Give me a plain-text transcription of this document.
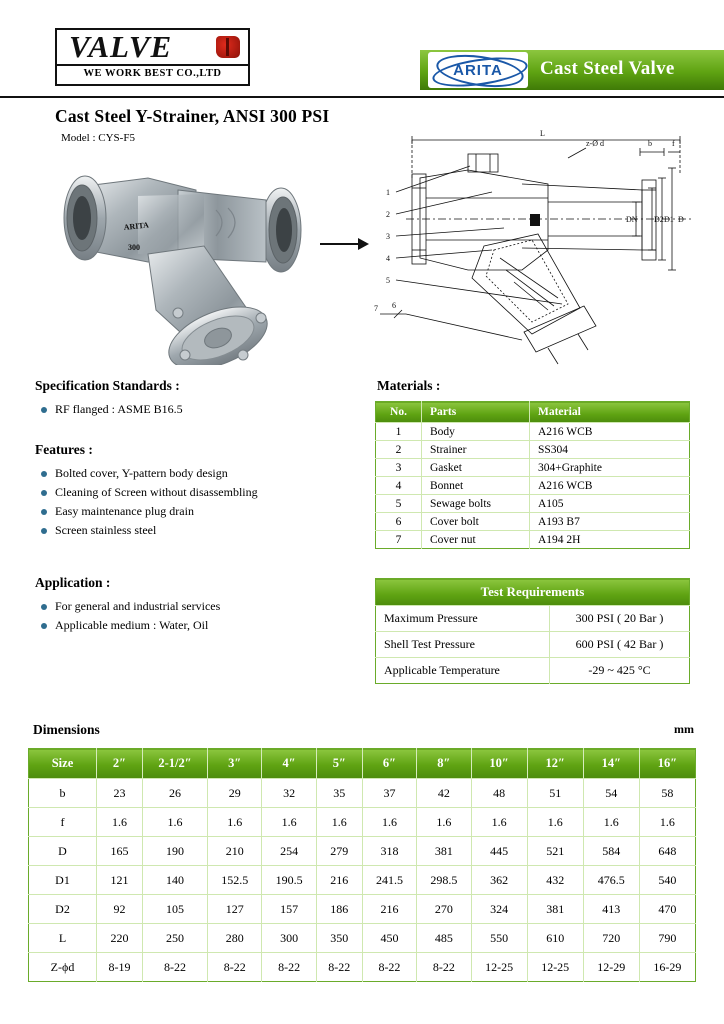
VALVE
WE WORK BEST CO.,LTD	Cast Steel Valve
ARITA
Cast Steel Y-Strainer, ANSI 300 PSI
Model : CYS-F5
ARITA
300
1
2
3
4
5
6
7
L
b	f
D
D1
D2
DN
z-Ø d
Specification Standards :
RF flanged : ASME B16.5
Features :
Bolted cover, Y-pattern body design
Cleaning of Screen without disassembling
Easy maintenance plug drain
Screen stainless steel
Application :
For general and industrial services
Applicable medium : Water, Oil
Materials :
No.	Parts	Material
1	Body	A216 WCB
2	Strainer	SS304
3	Gasket	304+Graphite
4	Bonnet	A216 WCB
5	Sewage bolts	A105
6	Cover bolt	A193 B7
7	Cover nut	A194 2H
Test Requirements	
Maximum Pressure	300 PSI ( 20 Bar )
Shell Test Pressure	600 PSI ( 42 Bar )
Applicable Temperature	-29 ~ 425 °C
Dimensions	mm
Size	2″	2-1/2″	3″	4″	5″	6″	8″	10″	12″	14″	16″
b	23	26	29	32	35	37	42	48	51	54	58
f	1.6	1.6	1.6	1.6	1.6	1.6	1.6	1.6	1.6	1.6	1.6
D	165	190	210	254	279	318	381	445	521	584	648
D1	121	140	152.5	190.5	216	241.5	298.5	362	432	476.5	540
D2	92	105	127	157	186	216	270	324	381	413	470
L	220	250	280	300	350	450	485	550	610	720	790
Z-ϕd	8-19	8-22	8-22	8-22	8-22	8-22	8-22	12-25	12-25	12-29	16-29
